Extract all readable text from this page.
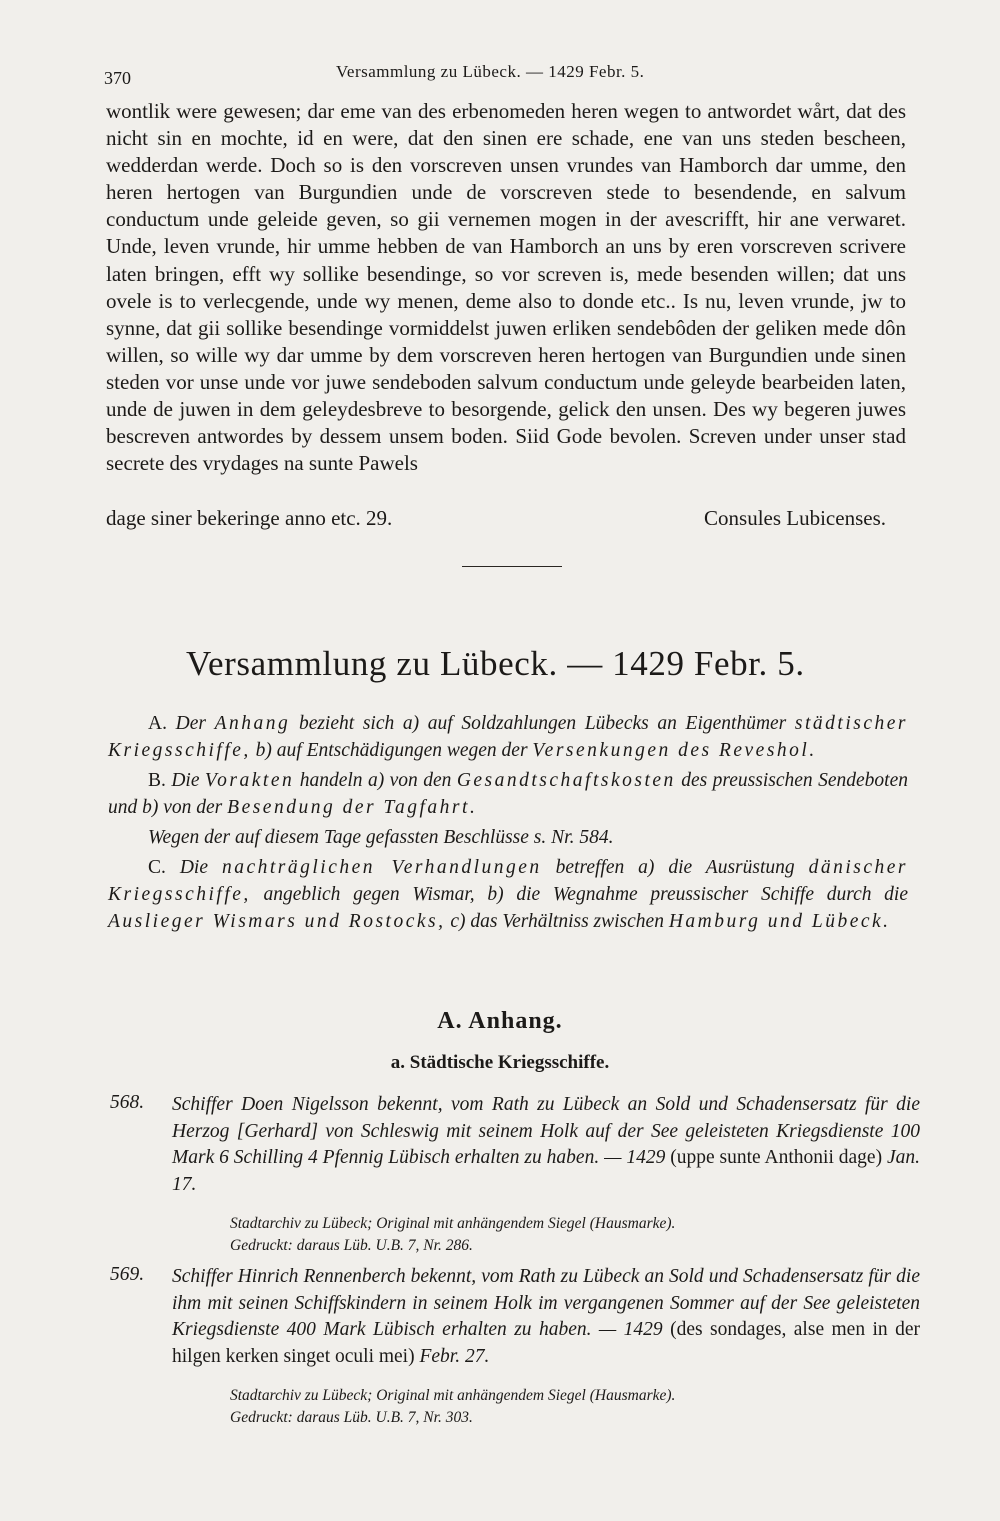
370	Versammlung zu Lübeck. — 1429 Febr. 5.
wontlik were gewesen; dar eme van des erbenomeden heren wegen to antwordet wårt, dat des nicht sin en mochte, id en were, dat den sinen ere schade, ene van uns steden bescheen, wedderdan werde. Doch so is den vorscreven unsen vrundes van Hamborch dar umme, den heren hertogen van Burgundien unde de vorscreven stede to besendende, en salvum conductum unde geleide geven, so gii vernemen mogen in der avescrifft, hir ane verwaret. Unde, leven vrunde, hir umme hebben de van Hamborch an uns by eren vorscreven scrivere laten bringen, efft wy sollike besendinge, so vor screven is, mede besenden willen; dat uns ovele is to verlecgende, unde wy menen, deme also to donde etc.. Is nu, leven vrunde, jw to synne, dat gii sollike besendinge vormiddelst juwen erliken sendebôden der geliken mede dôn willen, so wille wy dar umme by dem vorscreven heren hertogen van Burgundien unde sinen steden vor unse unde vor juwe sendeboden salvum conductum unde geleyde bearbeiden laten, unde de juwen in dem geleydesbreve to besorgende, gelick den unsen. Des wy begeren juwes bescreven antwordes by dessem unsem boden. Siid Gode bevolen. Screven under unser stad secrete des vrydages na sunte Pawels
dage siner bekeringe anno etc. 29.	Consules Lubicenses.
Versammlung zu Lübeck. — 1429 Febr. 5.

A. Der Anhang bezieht sich a) auf Soldzahlungen Lübecks an Eigenthümer städtischer Kriegsschiffe, b) auf Entschädigungen wegen der Versenkungen des Reveshol.

B. Die Vorakten handeln a) von den Gesandtschaftskosten des preussischen Sendeboten und b) von der Besendung der Tagfahrt.

Wegen der auf diesem Tage gefassten Beschlüsse s. Nr. 584.

C. Die nachträglichen Verhandlungen betreffen a) die Ausrüstung dänischer Kriegsschiffe, angeblich gegen Wismar, b) die Wegnahme preussischer Schiffe durch die Auslieger Wismars und Rostocks, c) das Verhältniss zwischen Hamburg und Lübeck.

A. Anhang.
a. Städtische Kriegsschiffe.
568. Schiffer Doen Nigelsson bekennt, vom Rath zu Lübeck an Sold und Schadensersatz für die Herzog [Gerhard] von Schleswig mit seinem Holk auf der See geleisteten Kriegsdienste 100 Mark 6 Schilling 4 Pfennig Lübisch erhalten zu haben. — 1429 (uppe sunte Anthonii dage) Jan. 17.
Stadtarchiv zu Lübeck; Original mit anhängendem Siegel (Hausmarke).
Gedruckt: daraus Lüb. U.B. 7, Nr. 286.
569. Schiffer Hinrich Rennenberch bekennt, vom Rath zu Lübeck an Sold und Schadensersatz für die ihm mit seinen Schiffskindern in seinem Holk im vergangenen Sommer auf der See geleisteten Kriegsdienste 400 Mark Lübisch erhalten zu haben. — 1429 (des sondages, alse men in der hilgen kerken singet oculi mei) Febr. 27.
Stadtarchiv zu Lübeck; Original mit anhängendem Siegel (Hausmarke).
Gedruckt: daraus Lüb. U.B. 7, Nr. 303.
